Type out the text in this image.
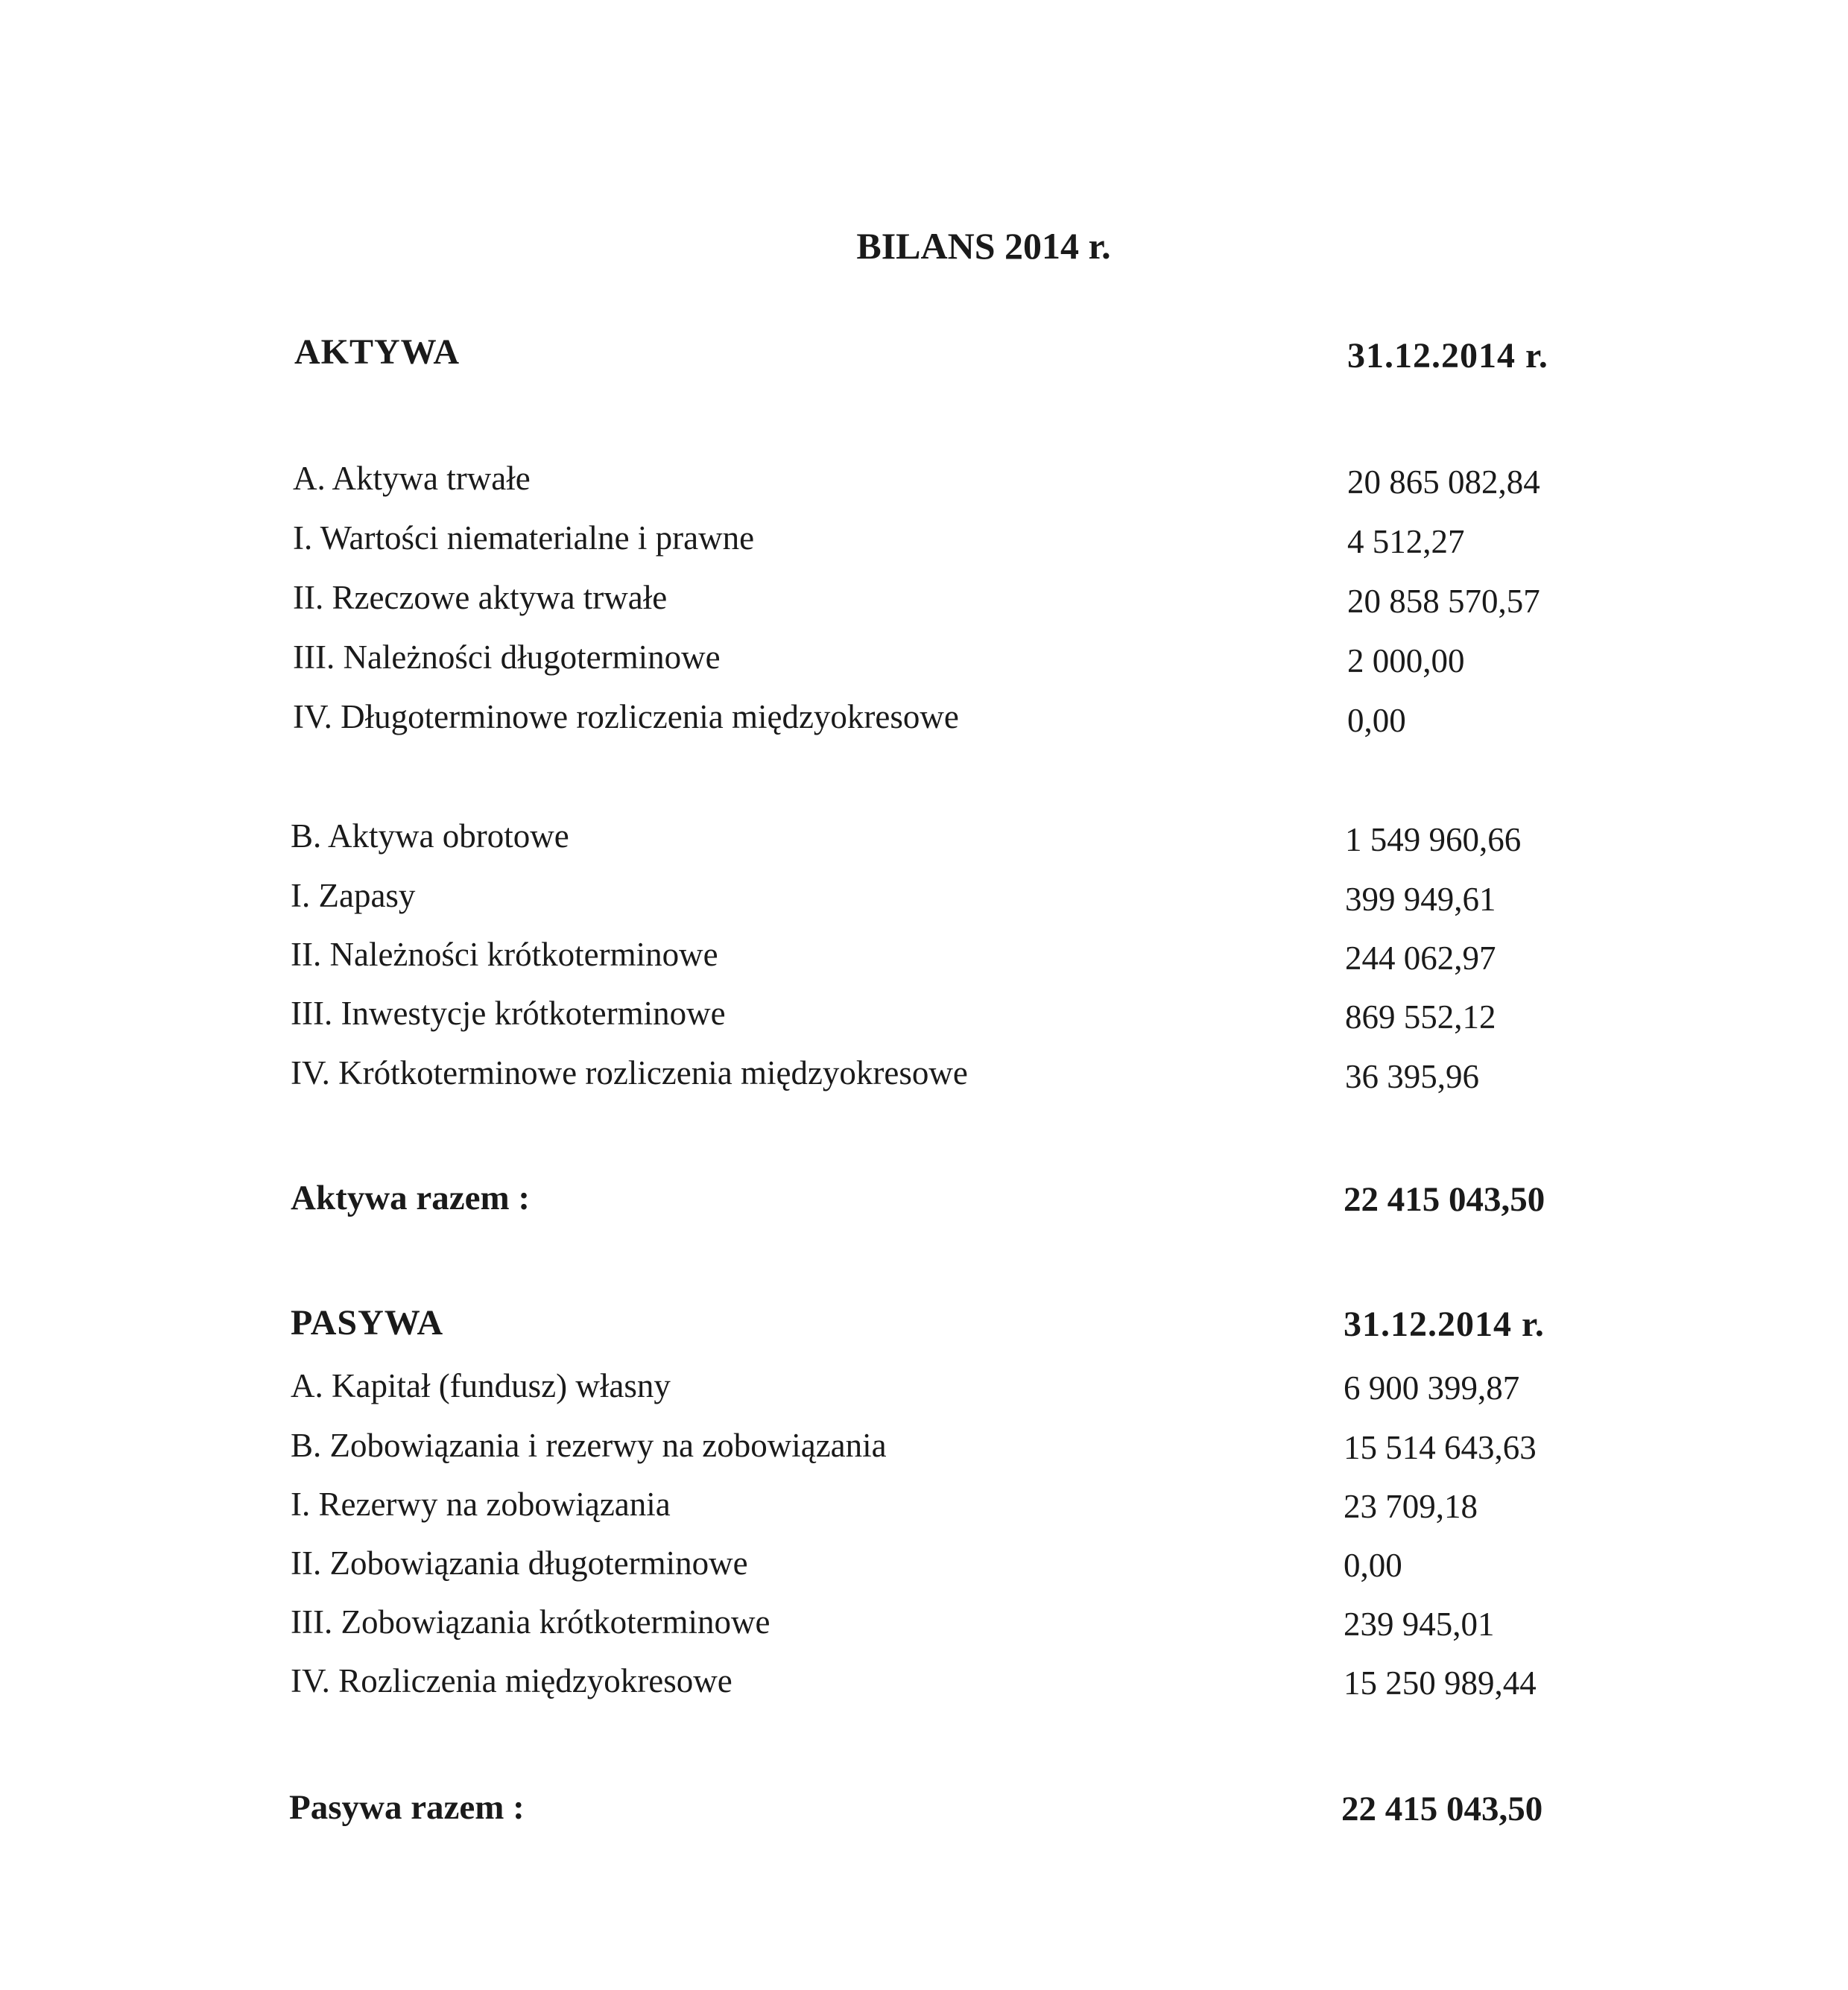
BILANS 2014 r.
AKTYWA	31.12.2014 r.
A. Aktywa trwałe	20 865 082,84
I. Wartości niematerialne i prawne	4 512,27
II. Rzeczowe aktywa trwałe	20 858 570,57
III. Należności długoterminowe	2 000,00
IV. Długoterminowe rozliczenia międzyokresowe	0,00
B. Aktywa obrotowe	1 549 960,66
I. Zapasy	399 949,61
II. Należności krótkoterminowe	244 062,97
III. Inwestycje krótkoterminowe	869 552,12
IV. Krótkoterminowe rozliczenia międzyokresowe	36 395,96
Aktywa razem :	22 415 043,50
PASYWA	31.12.2014 r.
A. Kapitał (fundusz) własny	6 900 399,87
B. Zobowiązania i rezerwy na zobowiązania	15 514 643,63
I. Rezerwy na zobowiązania	23 709,18
II. Zobowiązania długoterminowe	0,00
III. Zobowiązania krótkoterminowe	239 945,01
IV. Rozliczenia międzyokresowe	15 250 989,44
Pasywa razem :	22 415 043,50
